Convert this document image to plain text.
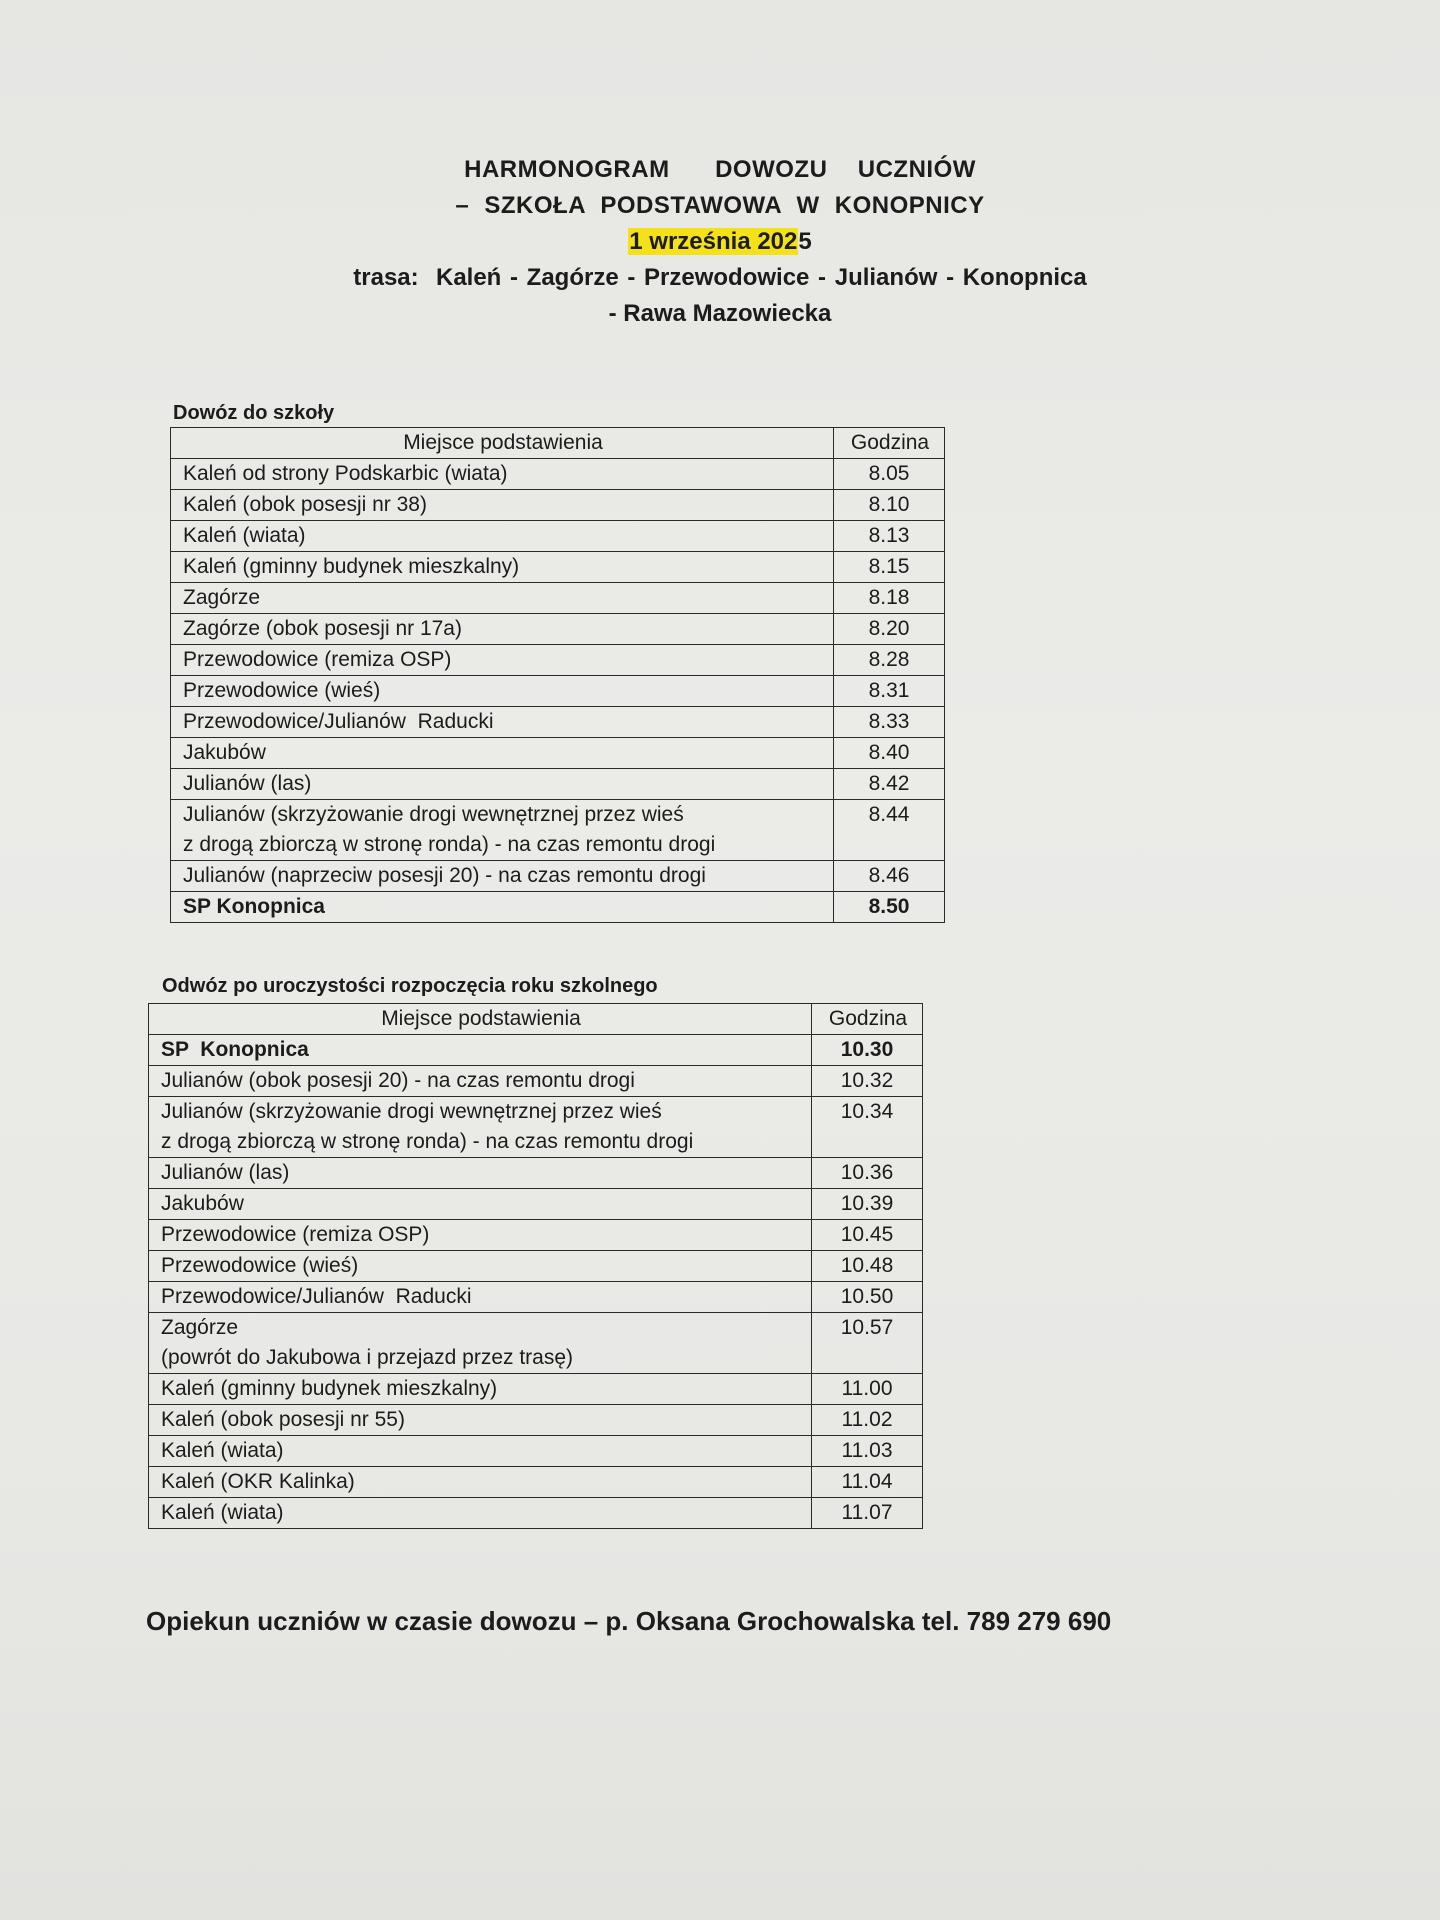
HARMONOGRAM   DOWOZU  UCZNIÓW
– SZKOŁA PODSTAWOWA W KONOPNICY
1 września 2025
trasa:  Kaleń - Zagórze - Przewodowice - Julianów - Konopnica
- Rawa Mazowiecka
Dowóz do szkoły
Miejsce podstawienia	Godzina

Kaleń od strony Podskarbic (wiata)	8.05

Kaleń (obok posesji nr 38)	8.10

Kaleń (wiata)	8.13

Kaleń (gminny budynek mieszkalny)	8.15

Zagórze	8.18

Zagórze (obok posesji nr 17a)	8.20

Przewodowice (remiza OSP)	8.28

Przewodowice (wieś)	8.31

Przewodowice/Julianów  Raducki	8.33

Jakubów	8.40

Julianów (las)	8.42

Julianów (skrzyżowanie drogi wewnętrznej przez wieś
z drogą zbiorczą w stronę ronda) - na czas remontu drogi	8.44

Julianów (naprzeciw posesji 20) - na czas remontu drogi	8.46

SP Konopnica	8.50
Odwóz po uroczystości rozpoczęcia roku szkolnego
Miejsce podstawienia	Godzina

SP  Konopnica	10.30

Julianów (obok posesji 20) - na czas remontu drogi	10.32

Julianów (skrzyżowanie drogi wewnętrznej przez wieś
z drogą zbiorczą w stronę ronda) - na czas remontu drogi	10.34

Julianów (las)	10.36

Jakubów	10.39

Przewodowice (remiza OSP)	10.45

Przewodowice (wieś)	10.48

Przewodowice/Julianów  Raducki	10.50

Zagórze
(powrót do Jakubowa i przejazd przez trasę)	10.57

Kaleń (gminny budynek mieszkalny)	11.00

Kaleń (obok posesji nr 55)	11.02

Kaleń (wiata)	11.03

Kaleń (OKR Kalinka)	11.04

Kaleń (wiata)	11.07
Opiekun uczniów w czasie dowozu – p. Oksana Grochowalska tel. 789 279 690
